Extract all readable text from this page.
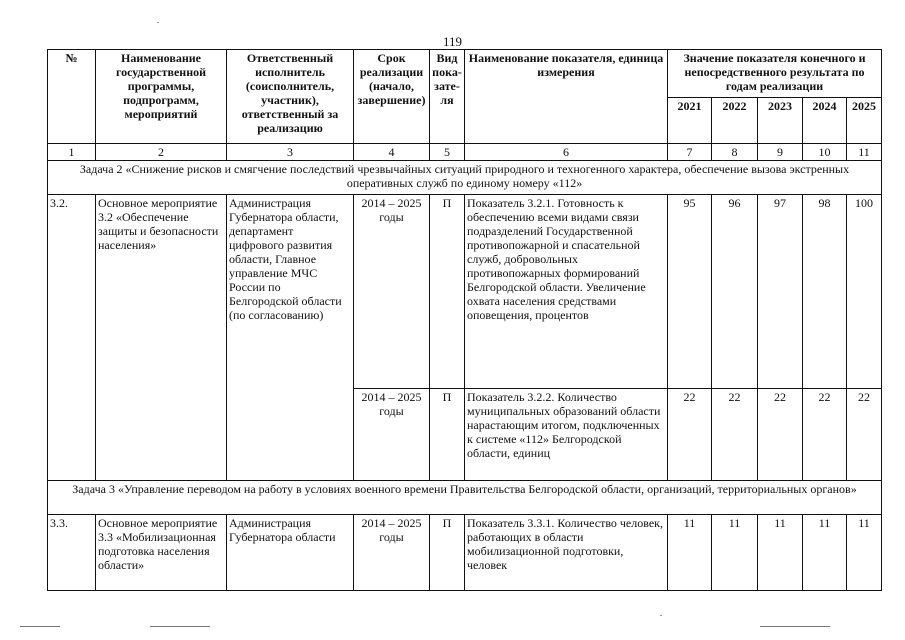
119
№	Наименование государственной программы, подпрограмм, мероприятий	Ответственный исполнитель (соисполнитель, участник), ответственный за реализацию	Срок реализации (начало, завершение)	Вид пока-зате-ля	Наименование показателя, единица измерения	Значение показателя конечного и непосредственного результата по годам реализации				
						2021	2022	2023	2024	2025
1	2	3	4	5	6	7	8	9	10	11
Задача 2 «Снижение рисков и смягчение последствий чрезвычайных ситуаций природного и техногенного характера, обеспечение вызова экстренных оперативных служб по единому номеру «112»										
3.2.	Основное мероприятие 3.2 «Обеспечение защиты и безопасности населения»	Администрация Губернатора области, департамент цифрового развития области, Главное управление МЧС России по Белгородской области (по согласованию)	2014 – 2025 годы	П	Показатель 3.2.1. Готовность к обеспечению всеми видами связи подразделений Государственной противопожарной и спасательной служб, добровольных противопожарных формирований Белгородской области. Увеличение охвата населения средствами оповещения, процентов	95	96	97	98	100
			2014 – 2025 годы	П	Показатель 3.2.2. Количество муниципальных образований области нарастающим итогом, подключенных к системе «112» Белгородской области, единиц	22	22	22	22	22
Задача 3 «Управление переводом на работу в условиях военного времени Правительства Белгородской области, организаций, территориальных органов»										
3.3.	Основное мероприятие 3.3 «Мобилизационная подготовка населения области»	Администрация Губернатора области	2014 – 2025 годы	П	Показатель 3.3.1. Количество человек, работающих в области мобилизационной подготовки, человек	11	11	11	11	11
